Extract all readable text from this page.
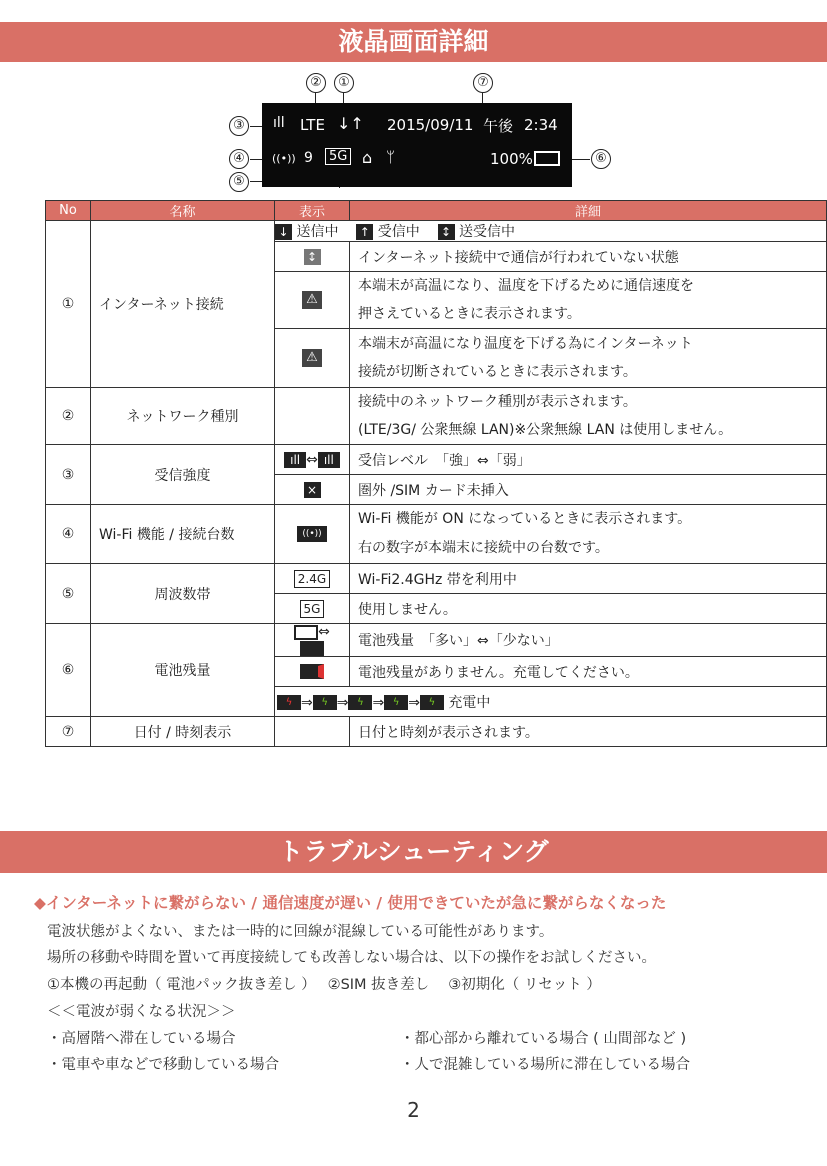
液晶画面詳細
②	①	⑦
③
④
⑤
⑥
ıll LTE ↓↑ 2015/09/11 午後 2:34
((•)) 9	5G ⌂ ᛘ	100%
No	名称	表示	詳細
①	インターネット接続	↓ 送信中 ↑ 受信中 ↕ 送受信中	
		↕	インターネット接続中で通信が行われていない状態
		⚠	本端末が高温になり、温度を下げるために通信速度を
押さえているときに表示されます。
		⚠	本端末が高温になり温度を下げる為にインターネット
接続が切断されているときに表示されます。
②	ネットワーク種別		接続中のネットワーク種別が表示されます。
(LTE/3G/ 公衆無線 LAN)※公衆無線 LAN は使用しません。
③	受信強度	ıll ⇔ ıll	受信レベル　「強」⇔「弱」
		×	圏外 /SIM カード未挿入
④	Wi-Fi 機能 / 接続台数	((•))	Wi-Fi 機能が ON になっているときに表示されます。
右の数字が本端末に接続中の台数です。
⑤	周波数帯	2.4G	Wi-Fi2.4GHz 帯を利用中
		5G	使用しません。
⑥	電池残量	⇔	電池残量　「多い」⇔「少ない」
			電池残量がありません。充電してください。
		ϟ ⇒ ϟ ⇒ ϟ ⇒ ϟ ⇒ ϟ 充電中	
⑦	日付 / 時刻表示		日付と時刻が表示されます。
トラブルシューティング
◆インターネットに繋がらない / 通信速度が遅い / 使用できていたが急に繋がらなくなった
電波状態がよくない、または一時的に回線が混線している可能性があります。
場所の移動や時間を置いて再度接続しても改善しない場合は、以下の操作をお試しください。
①本機の再起動（ 電池パック抜き差し ）　 ②SIM 抜き差し　 ③初期化（ リセット ）
＜＜電波が弱くなる状況＞＞
・高層階へ滞在している場合	・都心部から離れている場合 ( 山間部など )
・電車や車などで移動している場合	・人で混雑している場所に滞在している場合
2
